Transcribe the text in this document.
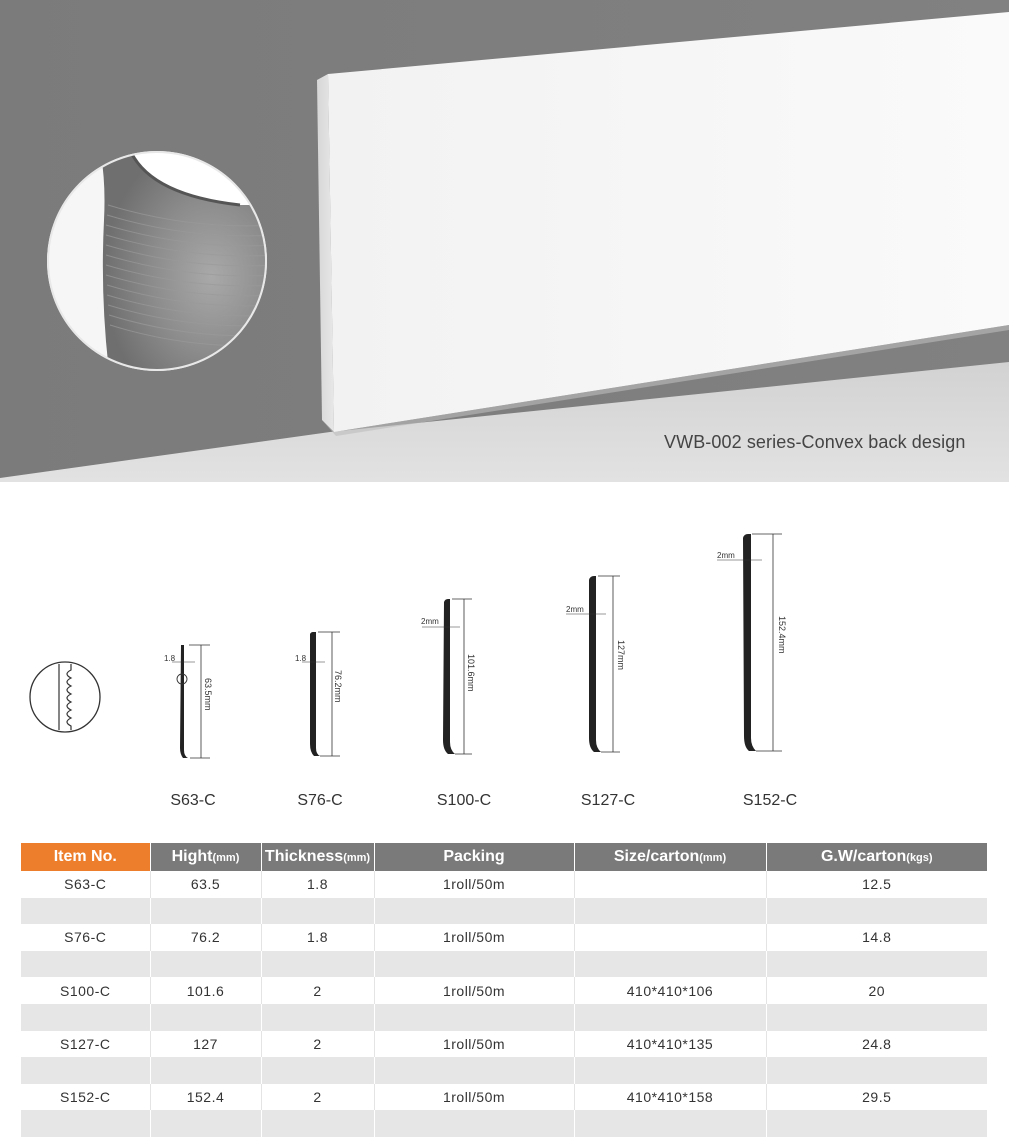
VWB-002 series-Convex back design
1.8
63.5mm
1.8
76.2mm
2mm
101.6mm
2mm
127mm
2mm
152.4mm
S63-C	S76-C	S100-C	S127-C	S152-C
Item No.	Hight(mm)	Thickness(mm)	Packing	Size/carton(mm)	G.W/carton(kgs)
S63-C	63.5	1.8	1roll/50m		12.5

S76-C	76.2	1.8	1roll/50m		14.8

S100-C	101.6	2	1roll/50m	410*410*106	20

S127-C	127	2	1roll/50m	410*410*135	24.8

S152-C	152.4	2	1roll/50m	410*410*158	29.5
